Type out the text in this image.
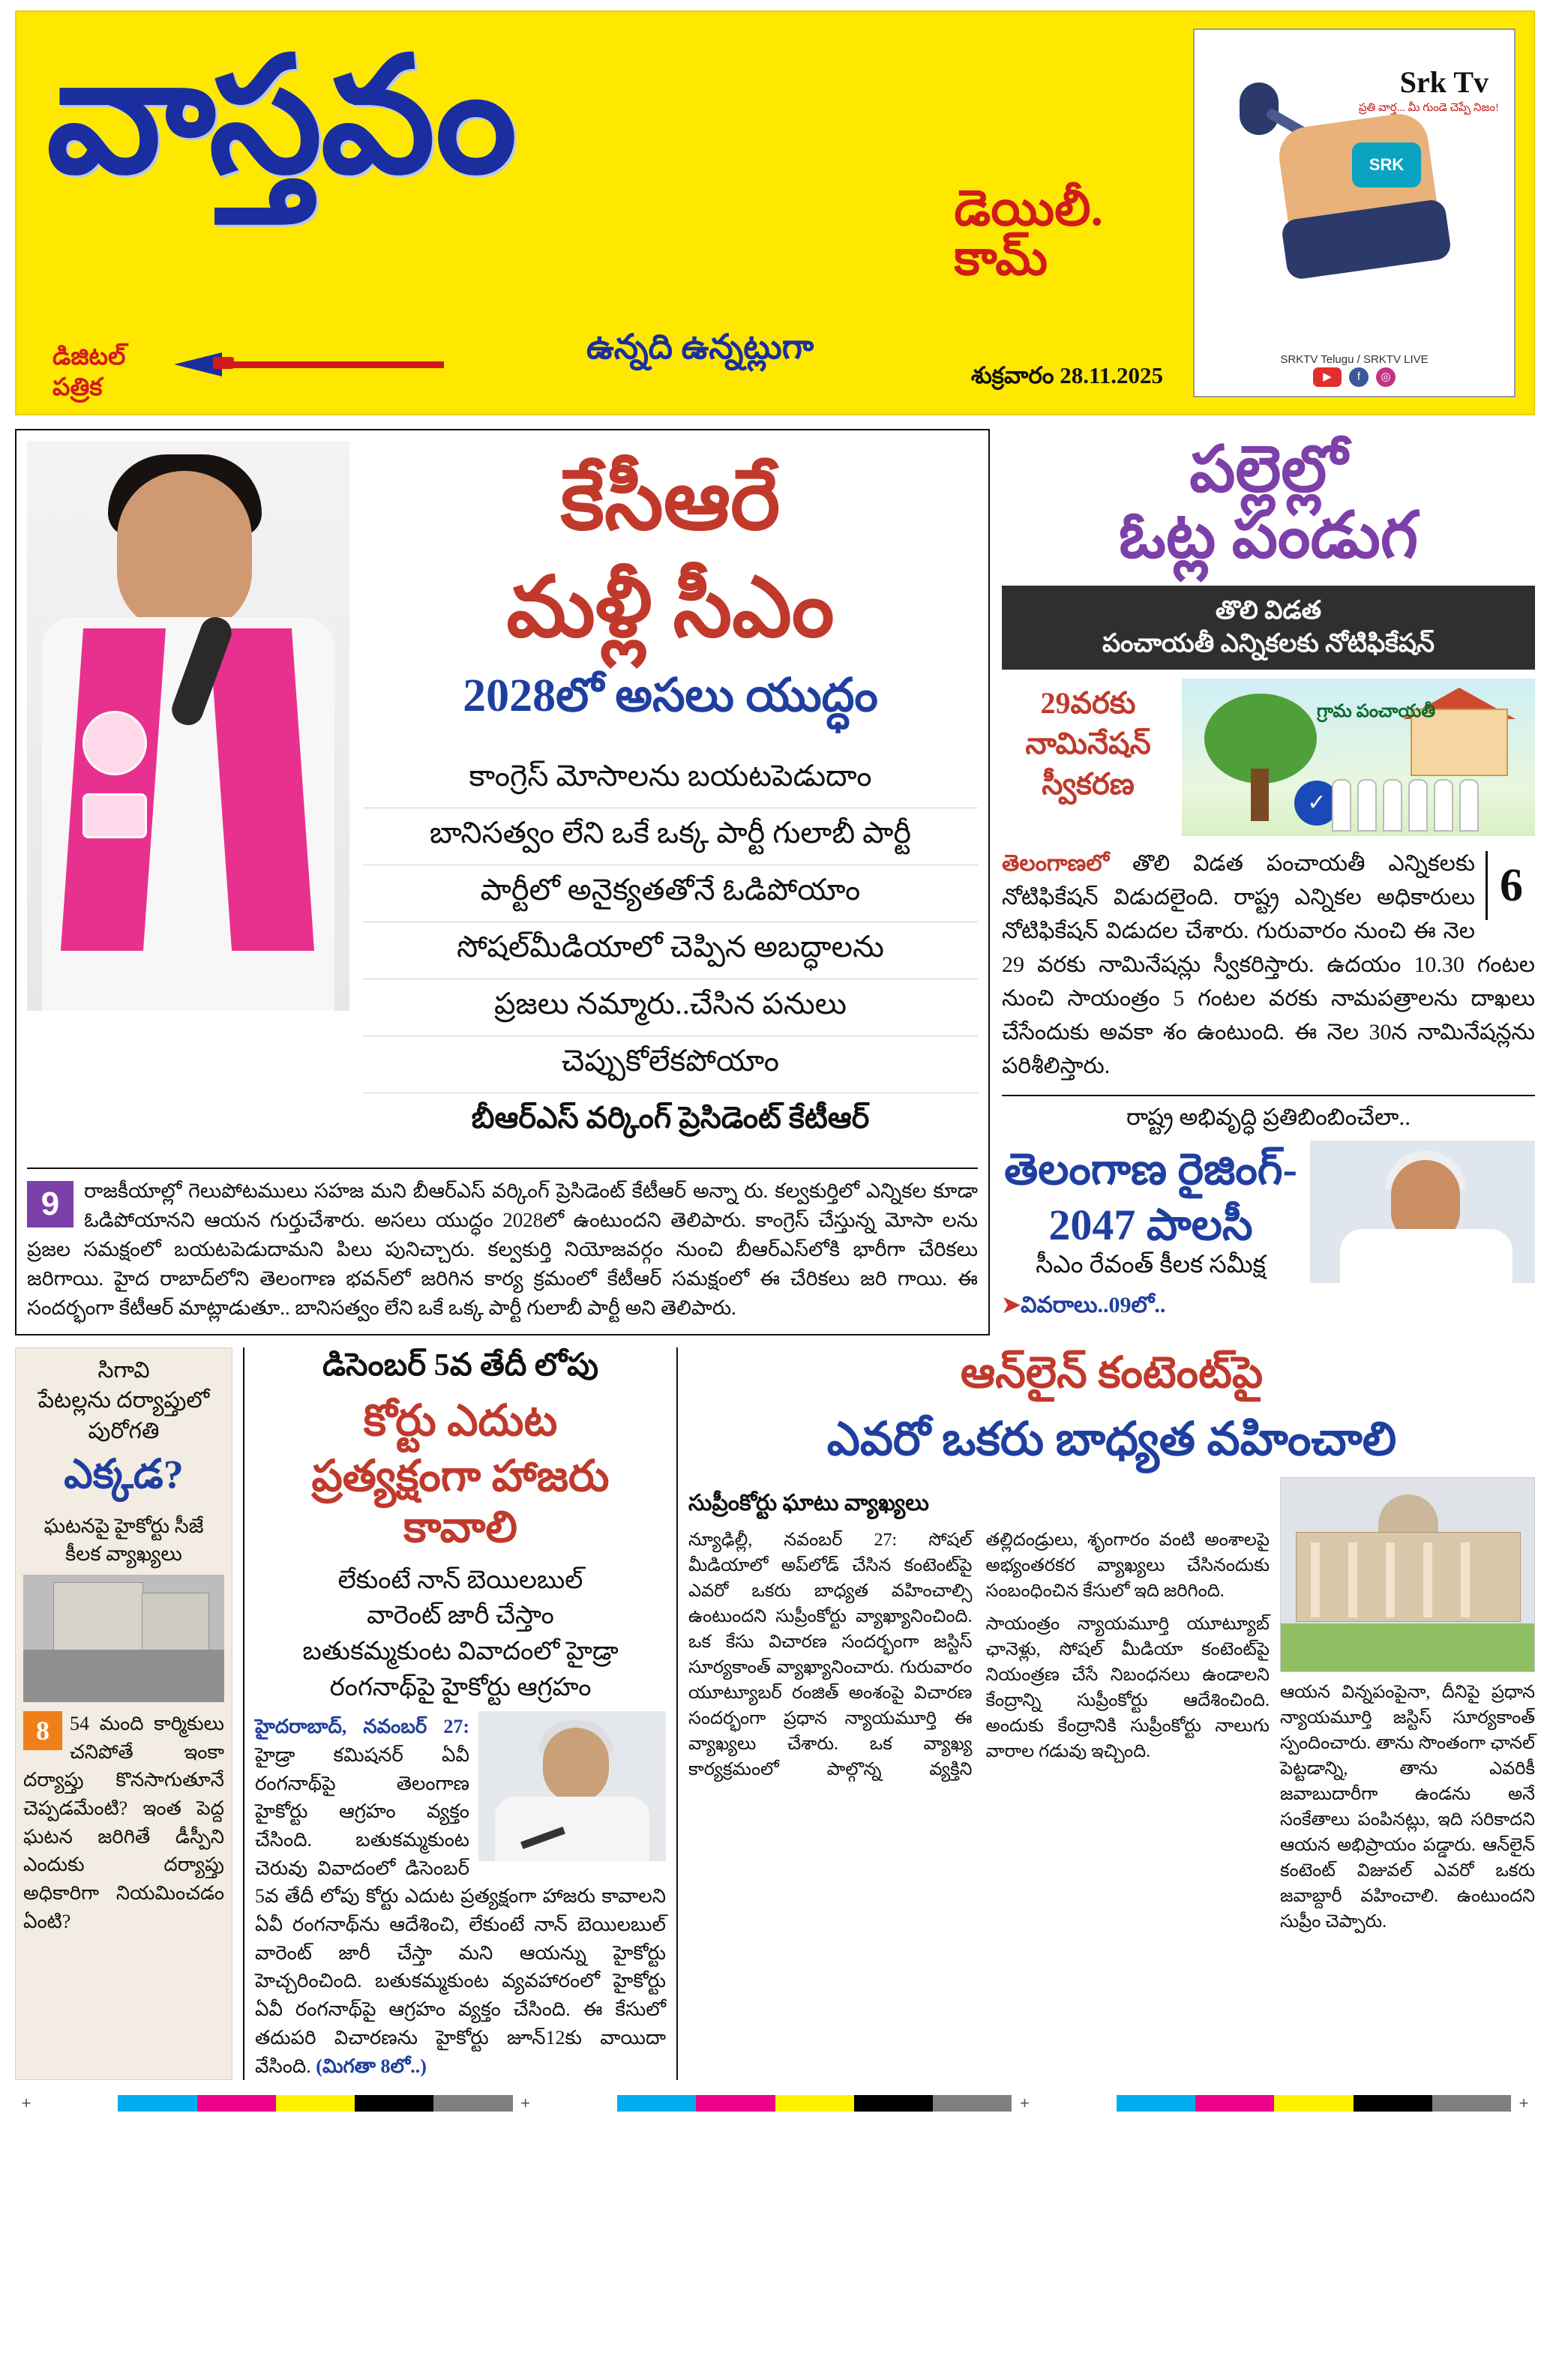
వాస్తవం
డెయిలీ.
కామ్
ఉన్నది ఉన్నట్లుగా
డిజిటల్
పత్రిక	శుక్రవారం 28.11.2025
Srk Tv
ప్రతి వార్త... మీ గుండె చెప్పే నిజం!
SRK
SRKTV Telugu / SRKTV LIVE
▶	f	◎
కేసీఆరే
మళ్లీ సీఎం
2028లో అసలు యుద్ధం
కాంగ్రెస్ మోసాలను బయటపెడుదాం
బానిసత్వం లేని ఒకే ఒక్క పార్టీ గులాబీ పార్టీ
పార్టీలో అనైక్యతతోనే ఓడిపోయాం
సోషల్‌మీడియాలో చెప్పిన అబద్ధాలను
ప్రజలు నమ్మారు..చేసిన పనులు
చెప్పుకోలేకపోయాం
బీఆర్ఎస్ వర్కింగ్ ప్రెసిడెంట్ కేటీఆర్
9	రాజకీయాల్లో గెలుపోటములు సహజ మని బీఆర్ఎస్ వర్కింగ్ ప్రెసిడెంట్ కేటీఆర్ అన్నా రు. కల్వకుర్తిలో ఎన్నికల కూడా ఓడిపోయానని ఆయన గుర్తుచేశారు. అసలు యుద్ధం 2028లో ఉంటుందని తెలిపారు. కాంగ్రెస్ చేస్తున్న మోసా లను ప్రజల సమక్షంలో బయటపెడుదామని పిలు పునిచ్చారు. కల్వకుర్తి నియోజవర్గం నుంచి బీఆర్ఎస్‌లోకి భారీగా చేరికలు జరిగాయి. హైద రాబాద్‌లోని తెలంగాణ భవన్‌లో జరిగిన కార్య క్రమంలో కేటీఆర్ సమక్షంలో ఈ చేరికలు జరి గాయి. ఈ సందర్భంగా కేటీఆర్ మాట్లాడుతూ.. బానిసత్వం లేని ఒకే ఒక్క పార్టీ గులాబీ పార్టీ అని తెలిపారు.
పల్లెల్లో
ఓట్ల పండుగ
తొలి విడత
పంచాయతీ ఎన్నికలకు నోటిఫికేషన్
29వరకు
నామినేషన్
స్వీకరణ
గ్రామ పంచాయతీ
✓
6
తెలంగాణలో తొలి విడత పంచాయతీ ఎన్నికలకు నోటిఫికేషన్ విడుదలైంది. రాష్ట్ర ఎన్నికల అధికారులు నోటిఫికేషన్ విడుదల చేశారు. గురువారం నుంచి ఈ నెల 29 వరకు నామినేషన్లు స్వీకరిస్తారు. ఉదయం 10.30 గంటల నుంచి సాయంత్రం 5 గంటల వరకు నామపత్రాలను దాఖలు చేసేందుకు అవకా శం ఉంటుంది. ఈ నెల 30న నామినేషన్లను పరిశీలిస్తారు.
రాష్ట్ర అభివృద్ధి ప్రతిబింబించేలా..
తెలంగాణ రైజింగ్-
2047 పాలసీ
సీఎం రేవంత్ కీలక సమీక్ష
➤వివరాలు..09లో..
సిగావి
పేటల్లను దర్యాప్తులో
పురోగతి
ఎక్కడ?
ఘటనపై హైకోర్టు సీజే
కీలక వ్యాఖ్యలు
8	54 మంది కార్మికులు చనిపోతే ఇంకా దర్యాప్తు కొనసాగుతూనే చెప్పడమేంటి? ఇంత పెద్ద ఘటన జరిగితే డీస్పీని ఎందుకు దర్యాప్తు అధికారిగా నియమించడం ఏంటి?
డిసెంబర్ 5వ తేదీ లోపు
కోర్టు ఎదుట
ప్రత్యక్షంగా హాజరు కావాలి
లేకుంటే నాన్ బెయిలబుల్
వారెంట్ జారీ చేస్తాం
బతుకమ్మకుంట వివాదంలో హైడ్రా
రంగనాథ్‌పై హైకోర్టు ఆగ్రహం
హైదరాబాద్, నవంబర్ 27: హైడ్రా కమిషనర్ ఏవీ రంగనాథ్‌పై తెలంగాణ హైకోర్టు ఆగ్రహం వ్యక్తం చేసింది. బతుకమ్మకుంట చెరువు వివాదంలో డిసెంబర్ 5వ తేదీ లోపు కోర్టు ఎదుట ప్రత్యక్షంగా హాజరు కావాలని ఏవీ రంగనాథ్‌ను ఆదేశించి, లేకుంటే నాన్ బెయిలబుల్ వారెంట్ జారీ చేస్తా మని ఆయన్ను హైకోర్టు హెచ్చరించింది. బతుకమ్మకుంట వ్యవహారంలో హైకోర్టు ఏవీ రంగనాథ్‌పై ఆగ్రహం వ్యక్తం చేసింది. ఈ కేసులో తదుపరి విచారణను హైకోర్టు జూన్12కు వాయిదా వేసింది. (మిగతా 8లో..)
ఆన్‌లైన్ కంటెంట్‌పై
ఎవరో ఒకరు బాధ్యత వహించాలి
సుప్రీంకోర్టు ఘాటు వ్యాఖ్యలు
న్యూఢిల్లీ, నవంబర్ 27: సోషల్ మీడియాలో అప్‌లోడ్ చేసిన కంటెంట్‌పై ఎవరో ఒకరు బాధ్యత వహించాల్సి ఉంటుందని సుప్రీంకోర్టు వ్యాఖ్యానించింది. ఒక కేసు విచారణ సందర్భంగా జస్టిస్ సూర్యకాంత్ వ్యాఖ్యానించారు. గురువారం యూట్యూబర్ రంజిత్ అంశంపై విచారణ సందర్భంగా ప్రధాన న్యాయమూర్తి ఈ వ్యాఖ్యలు చేశారు. ఒక వ్యాఖ్య కార్యక్రమంలో పాల్గొన్న వ్యక్తిని తల్లిదండ్రులు, శృంగారం వంటి అంశాలపై అభ్యంతరకర వ్యాఖ్యలు చేసినందుకు సంబంధించిన కేసులో ఇది జరిగింది.
సాయంత్రం న్యాయమూర్తి యూట్యూబ్ ఛానెళ్లు, సోషల్ మీడియా కంటెంట్‌పై నియంత్రణ చేసే నిబంధనలు ఉండాలని కేంద్రాన్ని సుప్రీంకోర్టు ఆదేశించింది. అందుకు కేంద్రానికి సుప్రీంకోర్టు నాలుగు వారాల గడువు ఇచ్చింది.
ఆయన విన్నపంపైనా, దీనిపై ప్రధాన న్యాయమూర్తి జస్టిస్ సూర్యకాంత్ స్పందించారు. తాను సొంతంగా ఛానల్ పెట్టడాన్ని, తాను ఎవరికీ జవాబుదారీగా ఉండను అనే సంకేతాలు పంపినట్లు, ఇది సరికాదని ఆయన అభిప్రాయం పడ్డారు. ఆన్‌లైన్ కంటెంట్ విజువల్ ఎవరో ఒకరు జవాబ్దారీ వహించాలి. ఉంటుందని సుప్రీం చెప్పారు.
+	+	+	+
